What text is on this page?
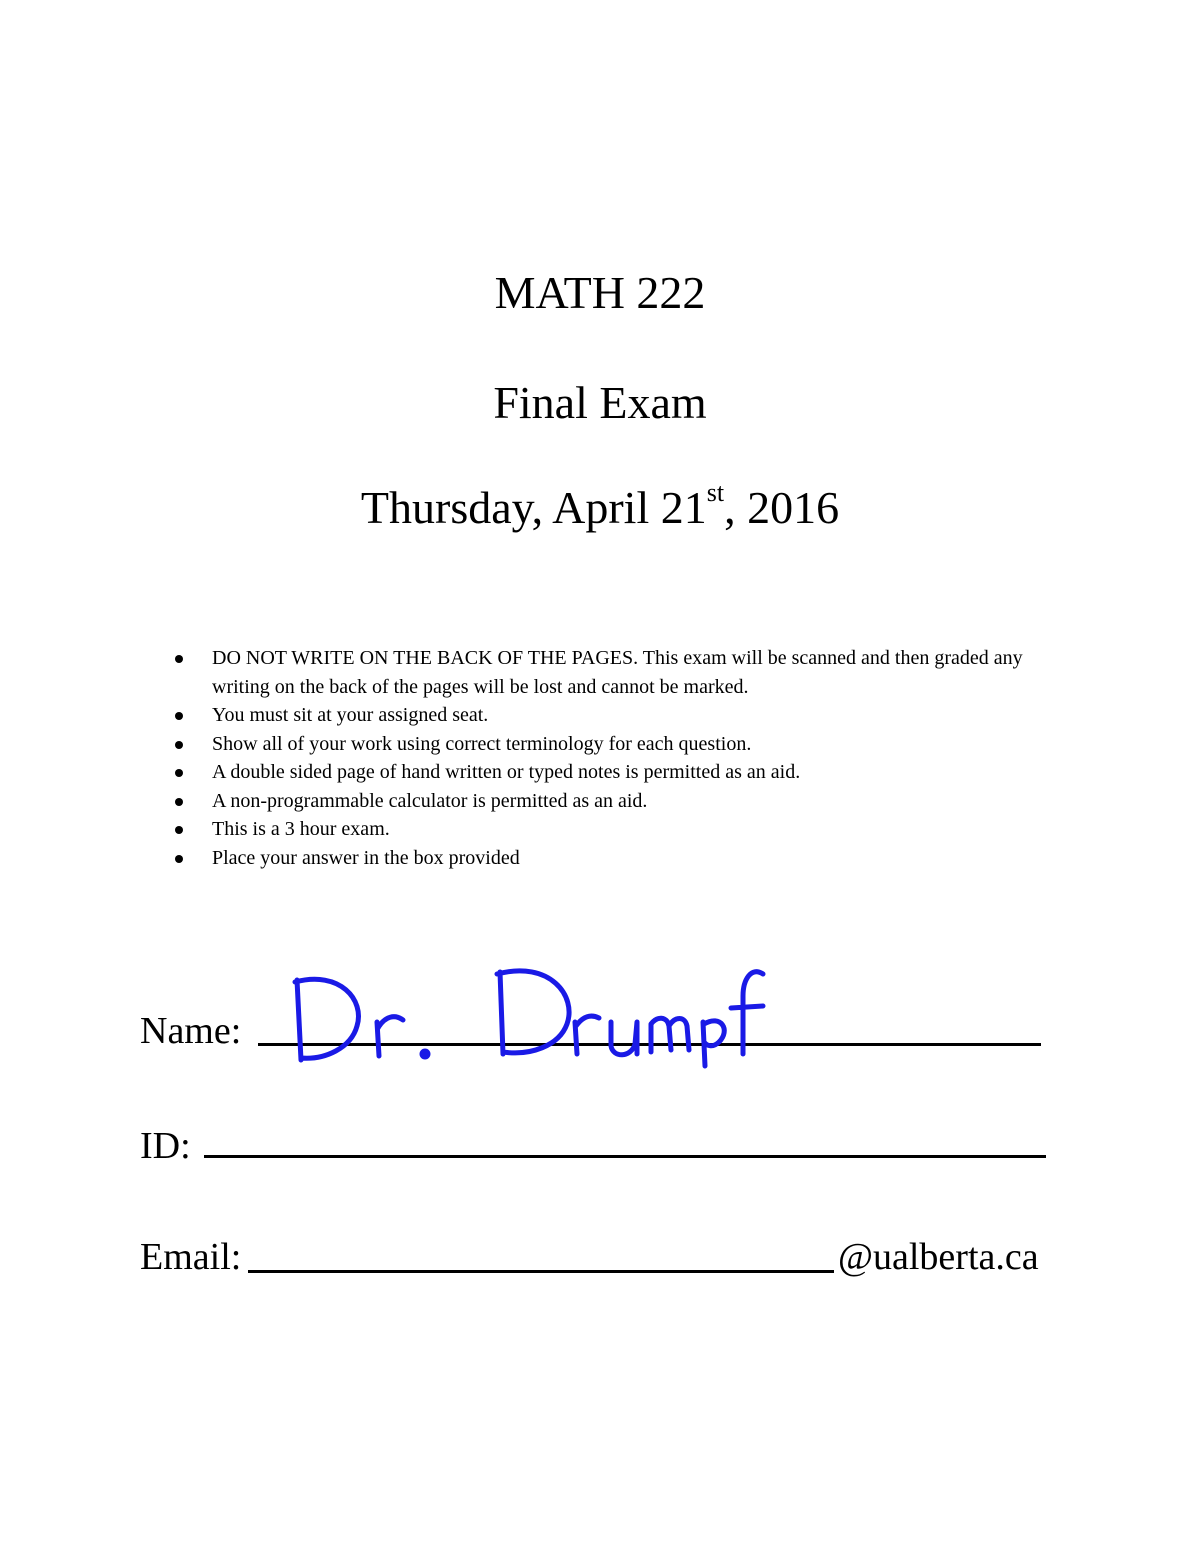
MATH 222
Final Exam
Thursday, April 21st, 2016
DO NOT WRITE ON THE BACK OF THE PAGES. This exam will be scanned and then graded any writing on the back of the pages will be lost and cannot be marked.
You must sit at your assigned seat.
Show all of your work using correct terminology for each question.
A double sided page of hand written or typed notes is permitted as an aid.
A non-programmable calculator is permitted as an aid.
This is a 3 hour exam.
Place your answer in the box provided
Name:
ID:
Email:	@ualberta.ca
